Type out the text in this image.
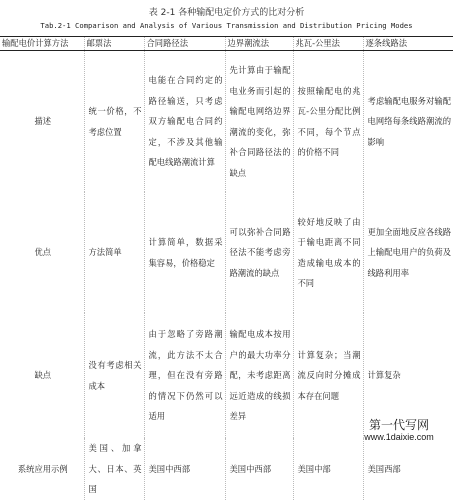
表 2-1 各种输配电定价方式的比对分析
Tab.2-1 Comparison and Analysis of Various Transmission and Distribution Pricing Modes
输配电价计算方法	邮票法	合同路径法	边界潮流法	兆瓦-公里法	逐条线路法
描述	统一价格，不考虑位置	电能在合同约定的路径输送，只考虑双方输配电合同约定，不涉及其他输配电线路潮流计算	先计算由于输配电业务而引起的输配电网络边界潮流的变化，弥补合同路径法的缺点	按照输配电的兆瓦-公里分配比例不同，每个节点的价格不同	考虑输配电服务对输配电网络每条线路潮流的影响
优点	方法简单	计算简单，数据采集容易，价格稳定	可以弥补合同路径法不能考虑旁路潮流的缺点	较好地反映了由于输电距离不同造成输电成本的不同	更加全面地反应各线路上输配电用户的负荷及线路利用率
缺点	没有考虑相关成本	由于忽略了旁路潮流，此方法不太合理，但在没有旁路的情况下仍然可以适用	输配电成本按用户的最大功率分配，未考虑距离远近造成的线损差异	计算复杂；当潮流反向时分摊成本存在问题	计算复杂
系统应用示例	美国、加拿大、日本、英国	美国中西部	美国中西部	美国中部	美国西部
第一代写网
www.1daixie.com
